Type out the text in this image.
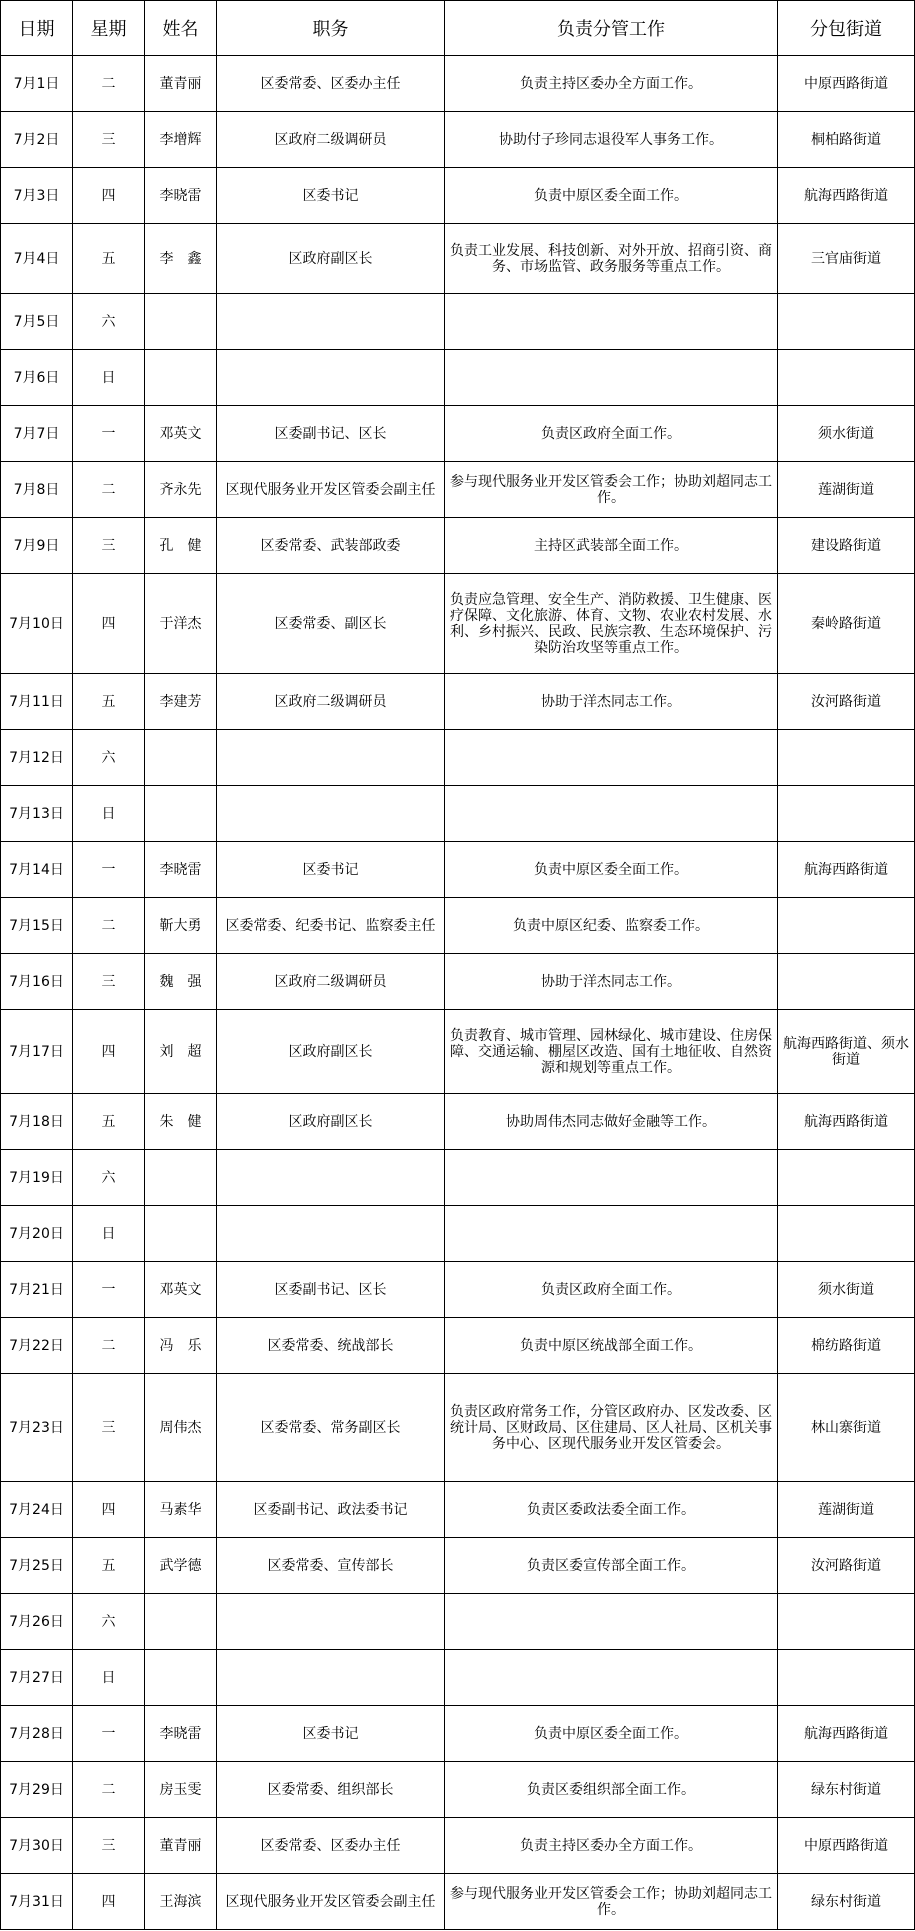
日期	星期	姓名	职务	负责分管工作	分包街道
7月1日	二	董青丽	区委常委、区委办主任	负责主持区委办全方面工作。	中原西路街道
7月2日	三	李增辉	区政府二级调研员	协助付子珍同志退役军人事务工作。	桐柏路街道
7月3日	四	李晓雷	区委书记	负责中原区委全面工作。	航海西路街道
7月4日	五	李　鑫	区政府副区长	负责工业发展、科技创新、对外开放、招商引资、商务、市场监管、政务服务等重点工作。	三官庙街道
7月5日	六				
7月6日	日				
7月7日	一	邓英文	区委副书记、区长	负责区政府全面工作。	须水街道
7月8日	二	齐永先	区现代服务业开发区管委会副主任	参与现代服务业开发区管委会工作；协助刘超同志工作。	莲湖街道
7月9日	三	孔　健	区委常委、武装部政委	主持区武装部全面工作。	建设路街道
7月10日	四	于洋杰	区委常委、副区长	负责应急管理、安全生产、消防救援、卫生健康、医疗保障、文化旅游、体育、文物、农业农村发展、水利、乡村振兴、民政、民族宗教、生态环境保护、污染防治攻坚等重点工作。	秦岭路街道
7月11日	五	李建芳	区政府二级调研员	协助于洋杰同志工作。	汝河路街道
7月12日	六				
7月13日	日				
7月14日	一	李晓雷	区委书记	负责中原区委全面工作。	航海西路街道
7月15日	二	靳大勇	区委常委、纪委书记、监察委主任	负责中原区纪委、监察委工作。	
7月16日	三	魏　强	区政府二级调研员	协助于洋杰同志工作。	
7月17日	四	刘　超	区政府副区长	负责教育、城市管理、园林绿化、城市建设、住房保障、交通运输、棚屋区改造、国有土地征收、自然资源和规划等重点工作。	航海西路街道、须水街道
7月18日	五	朱　健	区政府副区长	协助周伟杰同志做好金融等工作。	航海西路街道
7月19日	六				
7月20日	日				
7月21日	一	邓英文	区委副书记、区长	负责区政府全面工作。	须水街道
7月22日	二	冯　乐	区委常委、统战部长	负责中原区统战部全面工作。	棉纺路街道
7月23日	三	周伟杰	区委常委、常务副区长	负责区政府常务工作，分管区政府办、区发改委、区统计局、区财政局、区住建局、区人社局、区机关事务中心、区现代服务业开发区管委会。	林山寨街道
7月24日	四	马素华	区委副书记、政法委书记	负责区委政法委全面工作。	莲湖街道
7月25日	五	武学德	区委常委、宣传部长	负责区委宣传部全面工作。	汝河路街道
7月26日	六				
7月27日	日				
7月28日	一	李晓雷	区委书记	负责中原区委全面工作。	航海西路街道
7月29日	二	房玉雯	区委常委、组织部长	负责区委组织部全面工作。	绿东村街道
7月30日	三	董青丽	区委常委、区委办主任	负责主持区委办全方面工作。	中原西路街道
7月31日	四	王海滨	区现代服务业开发区管委会副主任	参与现代服务业开发区管委会工作；协助刘超同志工作。	绿东村街道
